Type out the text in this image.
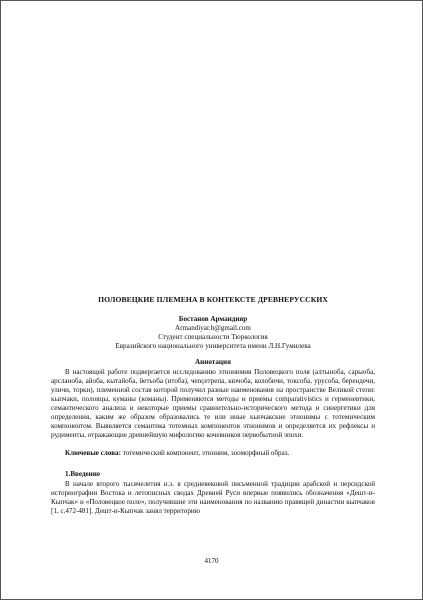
ПОЛОВЕЦКИЕ ПЛЕМЕНА В КОНТЕКСТЕ ДРЕВНЕРУССКИХ

Бостанов Армандияр

Armandiyar.b@gmail.com

Студент специальности Тюркология

Евразийского национального университета имени Л.Н.Гумилева

Аннотация

В настоящей работе подвергается исследованию этнонимия Половецкого поля (алтыноба, сарыоба, арсланоба, айоба, кытайоба, йетьоба (итоба), чençетрепа, кючоба, колобичи, токсоба, урусоба, берендечи, уличи, торки), племенной состав которой получил разные наименования на пространстве Великой степи: кыпчаки, половцы, куманы (команы). Применяются методы и приемы comparativistics и герменевтики, семантического анализа и некоторые приемы сравнительно-исторического метода и синергетики для определения, каким же образом образовались те или иные кыпчакские этнонимы с тотемическим компонентом. Выявляется семантика тотемных компонентов этнонимов и определяется их рефлексы и рудименты, отражающие древнейшую мифологию кочевников первобытной эпохи.

Ключевые слова: тотемический компонент, этноним, зооморфный образ.

1.Введение

В начале второго тысячелетия н.э. в средневековой письменной традиции арабской и персидской историографии Востока и летописных сводах Древней Руси впервые появились обозначения «Дешт-и-Кыпчак» и «Половецкое поле», получившие эти наименования по названию правящей династии кыпчаков [1, с.472-481]. Дешт-и-Кыпчак занял территорию

4170
